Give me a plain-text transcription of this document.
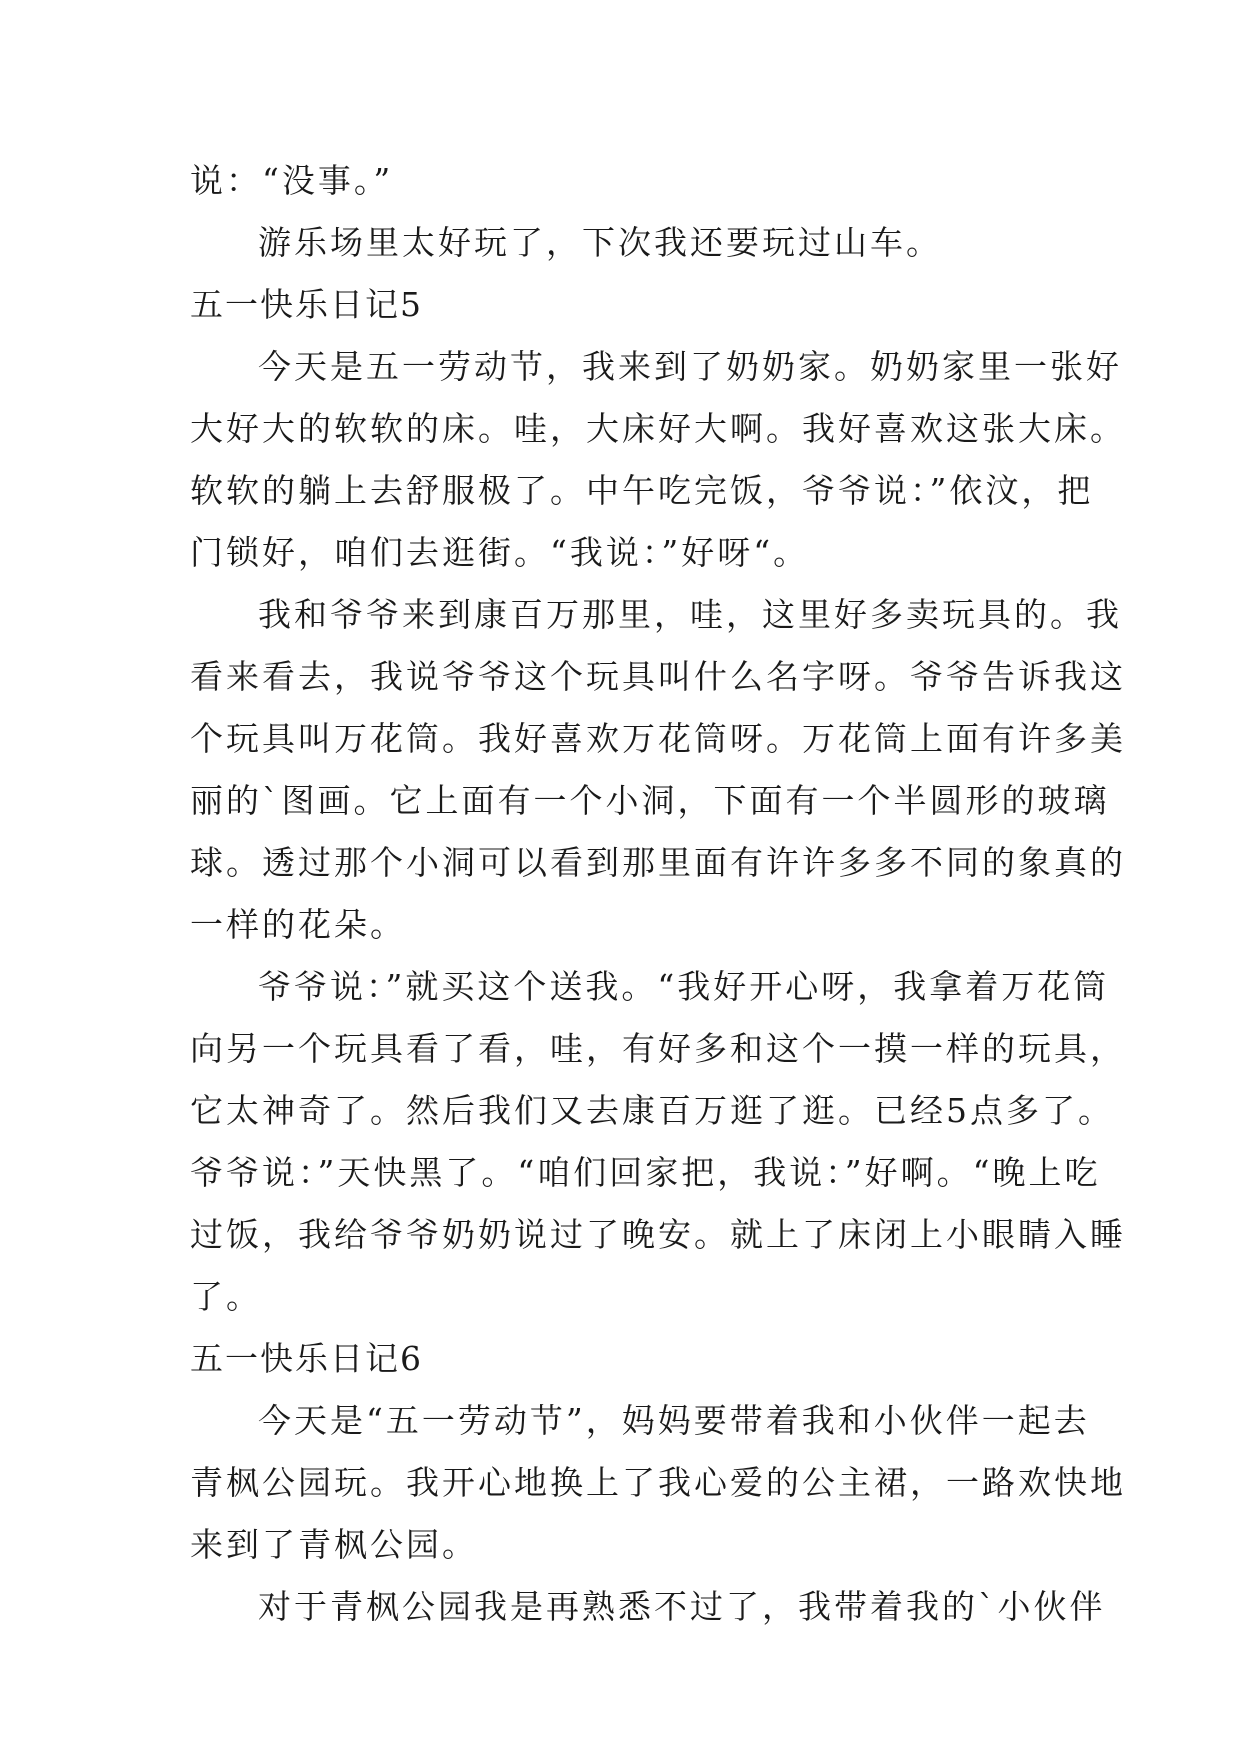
说：“没事。”
游乐场里太好玩了，下次我还要玩过山车。
五一快乐日记5
今天是五一劳动节，我来到了奶奶家。奶奶家里一张好
大好大的软软的床。哇，大床好大啊。我好喜欢这张大床。
软软的躺上去舒服极了。中午吃完饭，爷爷说：”依汶，把
门锁好，咱们去逛街。“我说：”好呀“。
我和爷爷来到康百万那里，哇，这里好多卖玩具的。我
看来看去，我说爷爷这个玩具叫什么名字呀。爷爷告诉我这
个玩具叫万花筒。我好喜欢万花筒呀。万花筒上面有许多美
丽的`图画。它上面有一个小洞，下面有一个半圆形的玻璃
球。透过那个小洞可以看到那里面有许许多多不同的象真的
一样的花朵。
爷爷说：”就买这个送我。“我好开心呀，我拿着万花筒
向另一个玩具看了看，哇，有好多和这个一摸一样的玩具，
它太神奇了。然后我们又去康百万逛了逛。已经5点多了。
爷爷说：”天快黑了。“咱们回家把，我说：”好啊。“晚上吃
过饭，我给爷爷奶奶说过了晚安。就上了床闭上小眼睛入睡
了。
五一快乐日记6
今天是“五一劳动节”，妈妈要带着我和小伙伴一起去
青枫公园玩。我开心地换上了我心爱的公主裙，一路欢快地
来到了青枫公园。
对于青枫公园我是再熟悉不过了，我带着我的`小伙伴
